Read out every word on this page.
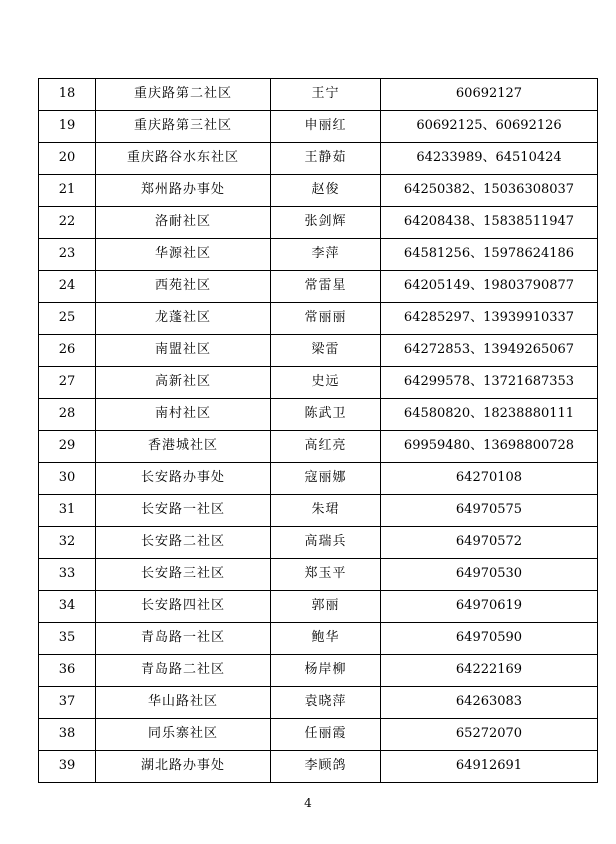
18	重庆路第二社区	王宁	60692127
19	重庆路第三社区	申丽红	60692125、60692126
20	重庆路谷水东社区	王静茹	64233989、64510424
21	郑州路办事处	赵俊	64250382、15036308037
22	洛耐社区	张剑辉	64208438、15838511947
23	华源社区	李萍	64581256、15978624186
24	西苑社区	常雷星	64205149、19803790877
25	龙蓬社区	常丽丽	64285297、13939910337
26	南盟社区	梁雷	64272853、13949265067
27	高新社区	史远	64299578、13721687353
28	南村社区	陈武卫	64580820、18238880111
29	香港城社区	高红亮	69959480、13698800728
30	长安路办事处	寇丽娜	64270108
31	长安路一社区	朱珺	64970575
32	长安路二社区	高瑞兵	64970572
33	长安路三社区	郑玉平	64970530
34	长安路四社区	郭丽	64970619
35	青岛路一社区	鲍华	64970590
36	青岛路二社区	杨岸柳	64222169
37	华山路社区	袁晓萍	64263083
38	同乐寨社区	任丽霞	65272070
39	湖北路办事处	李顾鸽	64912691
4
